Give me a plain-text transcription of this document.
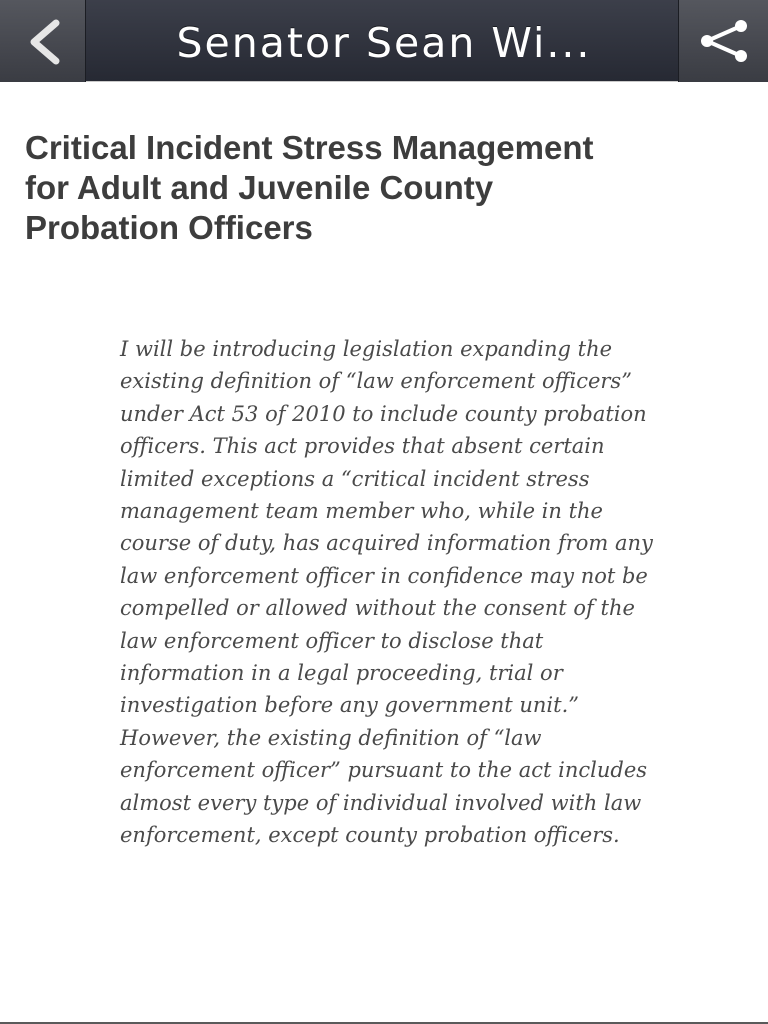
Senator Sean Wi...
Critical Incident Stress Management for Adult and Juvenile County Probation Officers

I will be introducing legislation expanding the existing definition of “law enforcement officers” under Act 53 of 2010 to include county probation officers. This act provides that absent certain limited exceptions a “critical incident stress management team member who, while in the course of duty, has acquired information from any law enforcement officer in confidence may not be compelled or allowed without the consent of the law enforcement officer to disclose that information in a legal proceeding, trial or investigation before any government unit.” However, the existing definition of “law enforcement officer” pursuant to the act includes almost every type of individual involved with law enforcement, except county probation officers.
